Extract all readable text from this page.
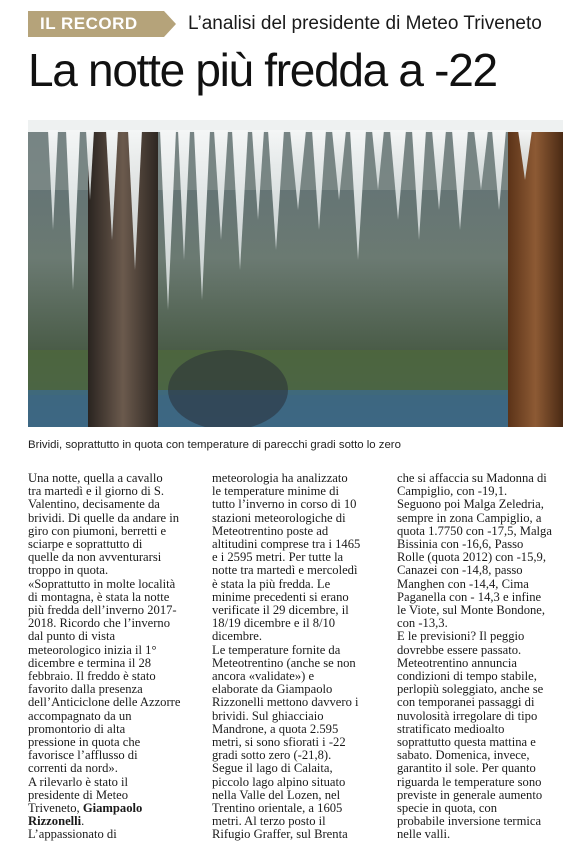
IL RECORD	L’analisi del presidente di Meteo Triveneto
La notte più fredda a -22
Brividi, soprattutto in quota con temperature di parecchi gradi sotto lo zero

Una notte, quella a cavallo
tra martedì e il giorno di S.
Valentino, decisamente da
brividi. Di quelle da andare in
giro con piumoni, berretti e
sciarpe e soprattutto di
quelle da non avventurarsi
troppo in quota.
«Soprattutto in molte località
di montagna, è stata la notte
più fredda dell’inverno 2017-
2018. Ricordo che l’inverno
dal punto di vista
meteorologico inizia il 1°
dicembre e termina il 28
febbraio. Il freddo è stato
favorito dalla presenza
dell’Anticiclone delle Azzorre
accompagnato da un
promontorio di alta
pressione in quota che
favorisce l’afflusso di
correnti da nord».
A rilevarlo è stato il
presidente di Meteo
Triveneto, Giampaolo
Rizzonelli.
L’appassionato di

meteorologia ha analizzato
le temperature minime di
tutto l’inverno in corso di 10
stazioni meteorologiche di
Meteotrentino poste ad
altitudini comprese tra i 1465
e i 2595 metri. Per tutte la
notte tra martedì e mercoledì
è stata la più fredda. Le
minime precedenti si erano
verificate il 29 dicembre, il
18/19 dicembre e il 8/10
dicembre.
Le temperature fornite da
Meteotrentino (anche se non
ancora «validate») e
elaborate da Giampaolo
Rizzonelli mettono davvero i
brividi. Sul ghiacciaio
Mandrone, a quota 2.595
metri, si sono sfiorati i -22
gradi sotto zero (-21,8).
Segue il lago di Calaita,
piccolo lago alpino situato
nella Valle del Lozen, nel
Trentino orientale, a 1605
metri. Al terzo posto il
Rifugio Graffer, sul Brenta

che si affaccia su Madonna di
Campiglio, con -19,1.
Seguono poi Malga Zeledria,
sempre in zona Campiglio, a
quota 1.7750 con -17,5, Malga
Bissinia con -16,6, Passo
Rolle (quota 2012) con -15,9,
Canazei con -14,8, passo
Manghen con -14,4, Cima
Paganella con - 14,3 e infine
le Viote, sul Monte Bondone,
con -13,3.
E le previsioni? Il peggio
dovrebbe essere passato.
Meteotrentino annuncia
condizioni di tempo stabile,
perlopiù soleggiato, anche se
con temporanei passaggi di
nuvolosità irregolare di tipo
stratificato medioalto
soprattutto questa mattina e
sabato. Domenica, invece,
garantito il sole. Per quanto
riguarda le temperature sono
previste in generale aumento
specie in quota, con
probabile inversione termica
nelle valli.
